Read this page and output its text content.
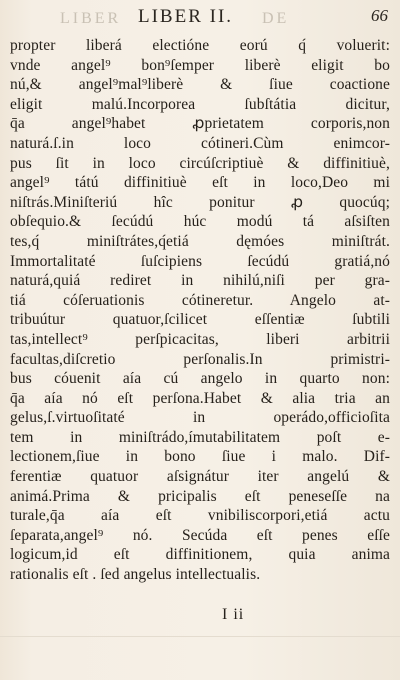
LIBER LIBER II. DE	66
propter liberá electióne eorú q́ voluerit:
vnde angel⁹ bon⁹ſemper liberè eligit bo
nú,& angel⁹mal⁹liberè & ſiue coactione
eligit malú.Incorporea ſubſtátia dicitur,
q̄a angel⁹habet ꝓprietatem corporis,non
naturá.ſ.in loco cótineri.Cùm enimcor-
pus ſit in loco circúſcriptiuè & diffinitiuè,
angel⁹ tátú diffinitiuè eſt in loco,Deo mi
niſtrás.Miniſteriú hîc ponitur ꝓ quocúq;
obſequio.& ſecúdú húc modú tá aſsiſten
tes,q́ miniſtrátes,q́etiá dęmóes miniſtrát.
Immortalitaté ſuſcipiens ſecúdú gratiá,nó
naturá,quiá rediret in nihilú,niſi per gra-
tiá cóſeruationis cótineretur. Angelo at-
tribuútur quatuor,ſcilicet eſſentiæ ſubtili
tas,intellect⁹ perſpicacitas, liberi arbitrii
facultas,diſcretio perſonalis.In primistri-
bus cóuenit aía cú angelo in quarto non:
q̄a aía nó eſt perſona.Habet & alia tria an
gelus,ſ.virtuoſitaté in operádo,officioſita
tem in miniſtrádo,ímutabilitatem poſt e-
lectionem,ſiue in bono ſiue i malo. Dif-
ferentiæ quatuor aſsignátur iter angelú &
animá.Prima & pricipalis eſt peneseſſe na
turale,q̄a aía eſt vnibiliscorpori,etiá actu
ſeparata,angel⁹ nó. Secúda eſt penes eſſe
logicum,id eſt diffinitionem, quia anima
rationalis eſt . ſed angelus intellectualis.
I ii
